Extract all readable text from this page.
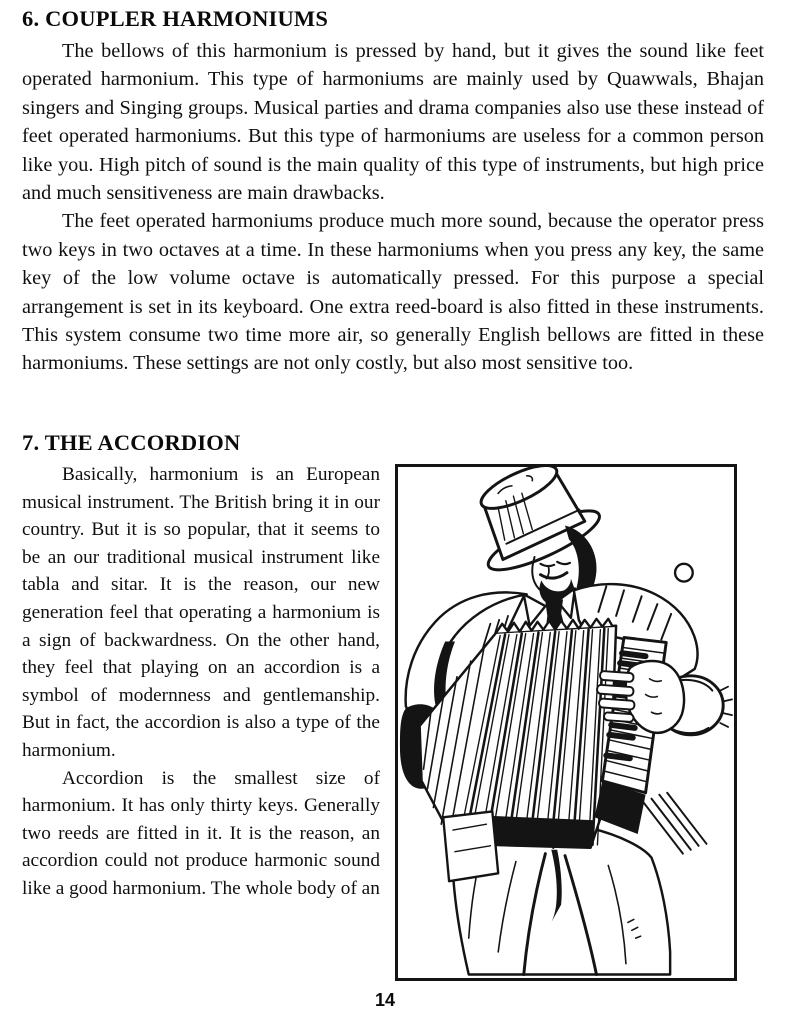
6. COUPLER HARMONIUMS

The bellows of this harmonium is pressed by hand, but it gives the sound like feet operated harmonium. This type of harmoniums are mainly used by Quawwals, Bhajan singers and Singing groups. Musical parties and drama companies also use these instead of feet operated harmoniums. But this type of harmoniums are useless for a common person like you. High pitch of sound is the main quality of this type of instruments, but high price and much sensitiveness are main drawbacks.

The feet operated harmoniums produce much more sound, because the operator press two keys in two octaves at a time. In these harmoniums when you press any key, the same key of the low volume octave is automatically pressed. For this purpose a special arrangement is set in its keyboard. One extra reed-board is also fitted in these instruments. This system consume two time more air, so generally English bellows are fitted in these harmoniums. These settings are not only costly, but also most sensitive too.

7. THE ACCORDION

Basically, harmonium is an European musical instrument. The British bring it in our country. But it is so popular, that it seems to be an our traditional musical instrument like tabla and sitar. It is the reason, our new generation feel that operating a harmonium is a sign of backwardness. On the other hand, they feel that playing on an accordion is a symbol of modernness and gentlemanship. But in fact, the accordion is also a type of the harmonium.

Accordion is the smallest size of harmonium. It has only thirty keys. Generally two reeds are fitted in it. It is the reason, an accordion could not produce harmonic sound like a good harmonium. The whole body of an

14
